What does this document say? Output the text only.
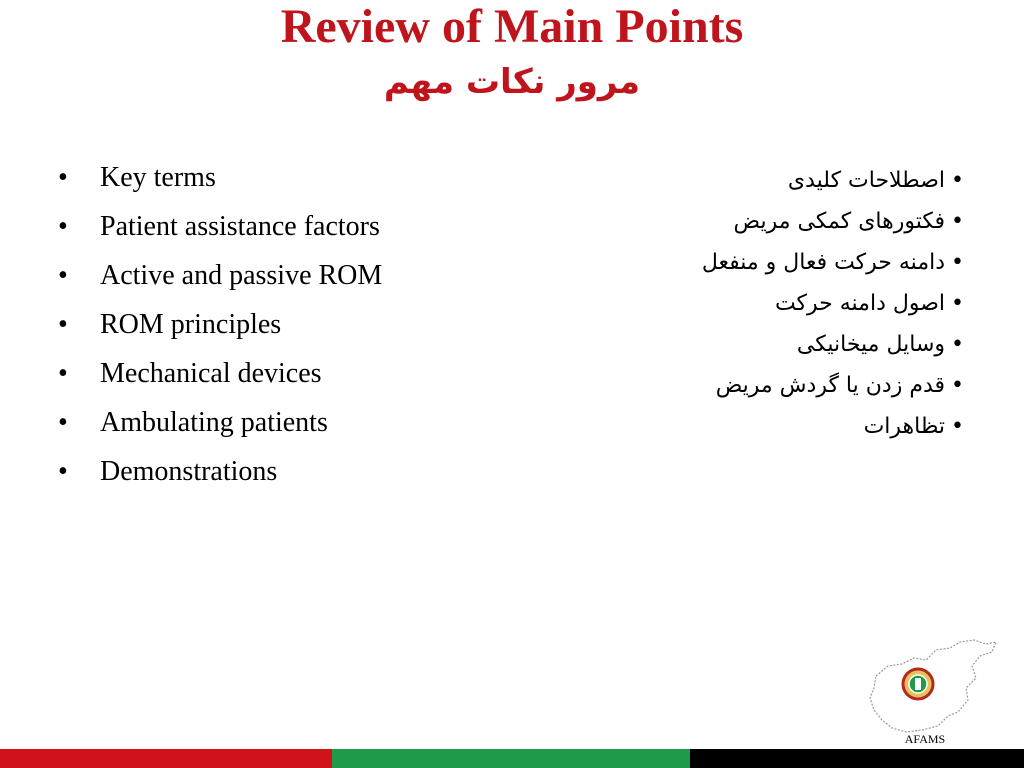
Review of Main Points
مرور نکات مهم
• Key terms
• Patient assistance factors
• Active and passive ROM
• ROM principles
• Mechanical devices
• Ambulating patients
• Demonstrations
•اصطلاحات کلیدی
•فکتورهای کمکی مریض
•دامنه حرکت فعال و منفعل
•اصول دامنه حرکت
•وسایل میخانیکی
•قدم زدن یا گردش مریض
•تظاهرات
AFAMS
